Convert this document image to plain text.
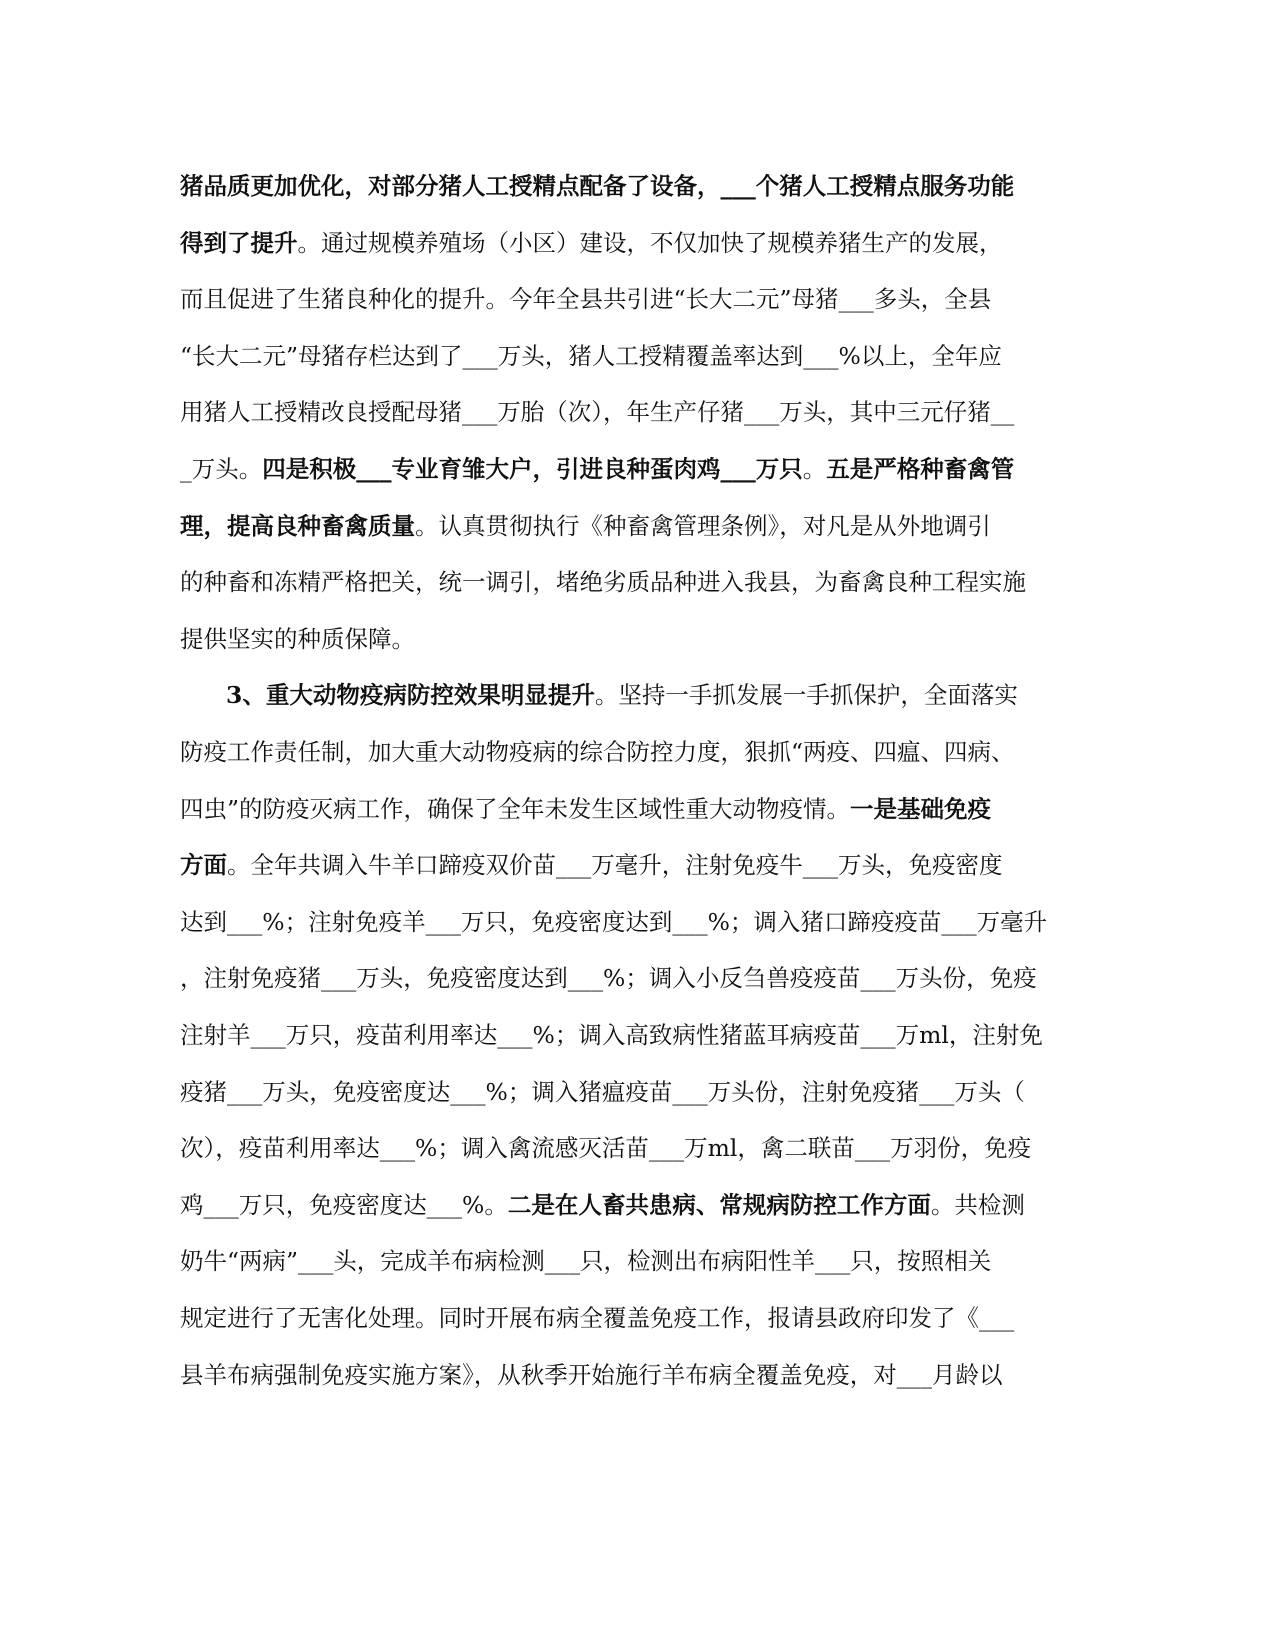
猪品质更加优化，对部分猪人工授精点配备了设备，___个猪人工授精点服务功能
得到了提升。通过规模养殖场（小区）建设，不仅加快了规模养猪生产的发展，
而且促进了生猪良种化的提升。今年全县共引进“长大二元”母猪___多头，全县
“长大二元”母猪存栏达到了___万头，猪人工授精覆盖率达到___%以上，全年应
用猪人工授精改良授配母猪___万胎（次），年生产仔猪___万头，其中三元仔猪__
_万头。四是积极___专业育雏大户，引进良种蛋肉鸡___万只。五是严格种畜禽管
理，提高良种畜禽质量。认真贯彻执行《种畜禽管理条例》，对凡是从外地调引
的种畜和冻精严格把关，统一调引，堵绝劣质品种进入我县，为畜禽良种工程实施
提供坚实的种质保障。
3、重大动物疫病防控效果明显提升。坚持一手抓发展一手抓保护，全面落实
防疫工作责任制，加大重大动物疫病的综合防控力度，狠抓“两疫、四瘟、四病、
四虫”的防疫灭病工作，确保了全年未发生区域性重大动物疫情。一是基础免疫
方面。全年共调入牛羊口蹄疫双价苗___万毫升，注射免疫牛___万头，免疫密度
达到___%；注射免疫羊___万只，免疫密度达到___%；调入猪口蹄疫疫苗___万毫升
，注射免疫猪___万头，免疫密度达到___%；调入小反刍兽疫疫苗___万头份，免疫
注射羊___万只，疫苗利用率达___%；调入高致病性猪蓝耳病疫苗___万ml，注射免
疫猪___万头，免疫密度达___%；调入猪瘟疫苗___万头份，注射免疫猪___万头（
次），疫苗利用率达___%；调入禽流感灭活苗___万ml，禽二联苗___万羽份，免疫
鸡___万只，免疫密度达___%。二是在人畜共患病、常规病防控工作方面。共检测
奶牛“两病”___头，完成羊布病检测___只，检测出布病阳性羊___只，按照相关
规定进行了无害化处理。同时开展布病全覆盖免疫工作，报请县政府印发了《___
县羊布病强制免疫实施方案》，从秋季开始施行羊布病全覆盖免疫，对___月龄以
